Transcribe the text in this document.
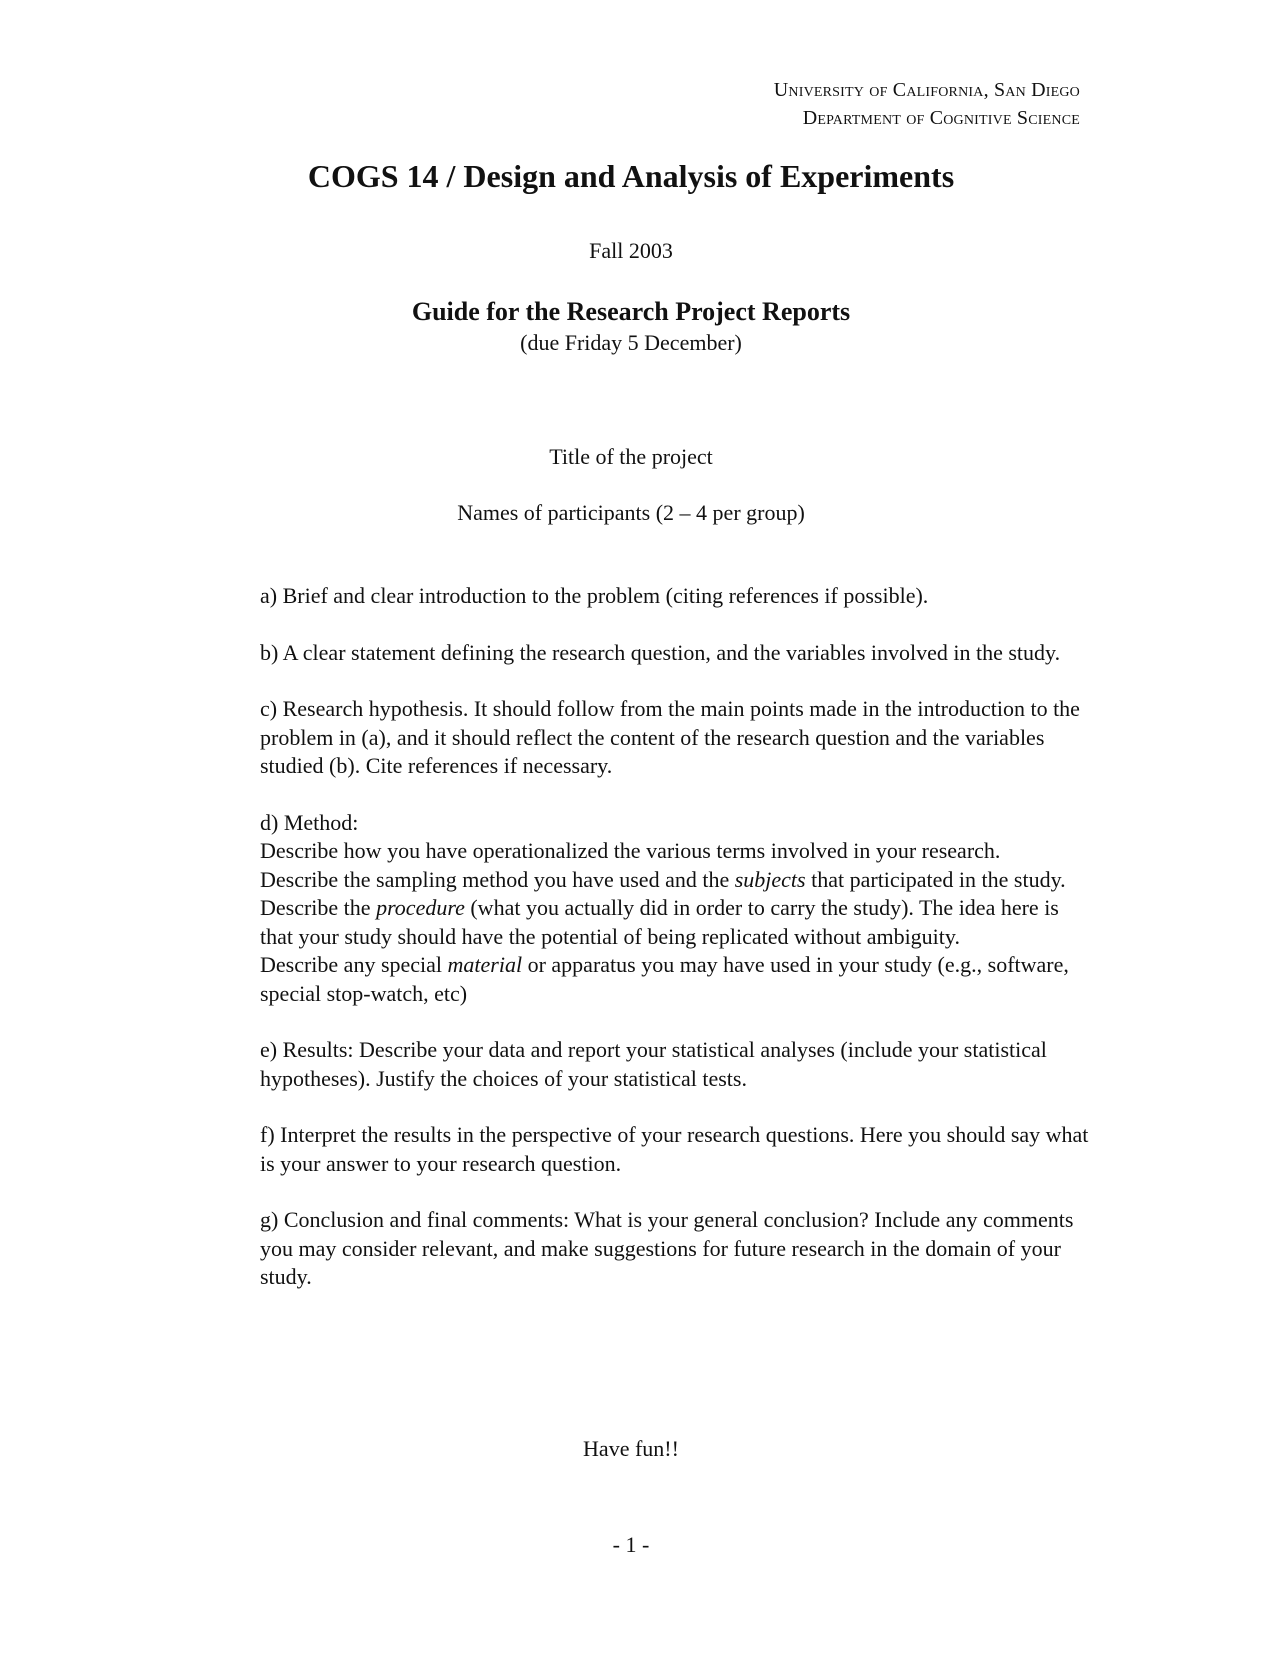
University of California, San Diego
Department of Cognitive Science
COGS 14 / Design and Analysis of Experiments
Fall 2003
Guide for the Research Project Reports
(due Friday 5 December)
Title of the project
Names of participants (2 – 4 per group)

a) Brief and clear introduction to the problem (citing references if possible).

b) A clear statement defining the research question, and the variables involved in the study.

c) Research hypothesis. It should follow from the main points made in the introduction to the problem in (a), and it should reflect the content of the research question and the variables studied (b). Cite references if necessary.

d) Method:
Describe how you have operationalized the various terms involved in your research.
Describe the sampling method you have used and the subjects that participated in the study.
Describe the procedure (what you actually did in order to carry the study). The idea here is that your study should have the potential of being replicated without ambiguity.
Describe any special material or apparatus you may have used in your study (e.g., software, special stop-watch, etc)

e) Results: Describe your data and report your statistical analyses (include your statistical hypotheses). Justify the choices of your statistical tests.

f) Interpret the results in the perspective of your research questions. Here you should say what is your answer to your research question.

g) Conclusion and final comments: What is your general conclusion? Include any comments you may consider relevant, and make suggestions for future research in the domain of your study.

Have fun!!
- 1 -
